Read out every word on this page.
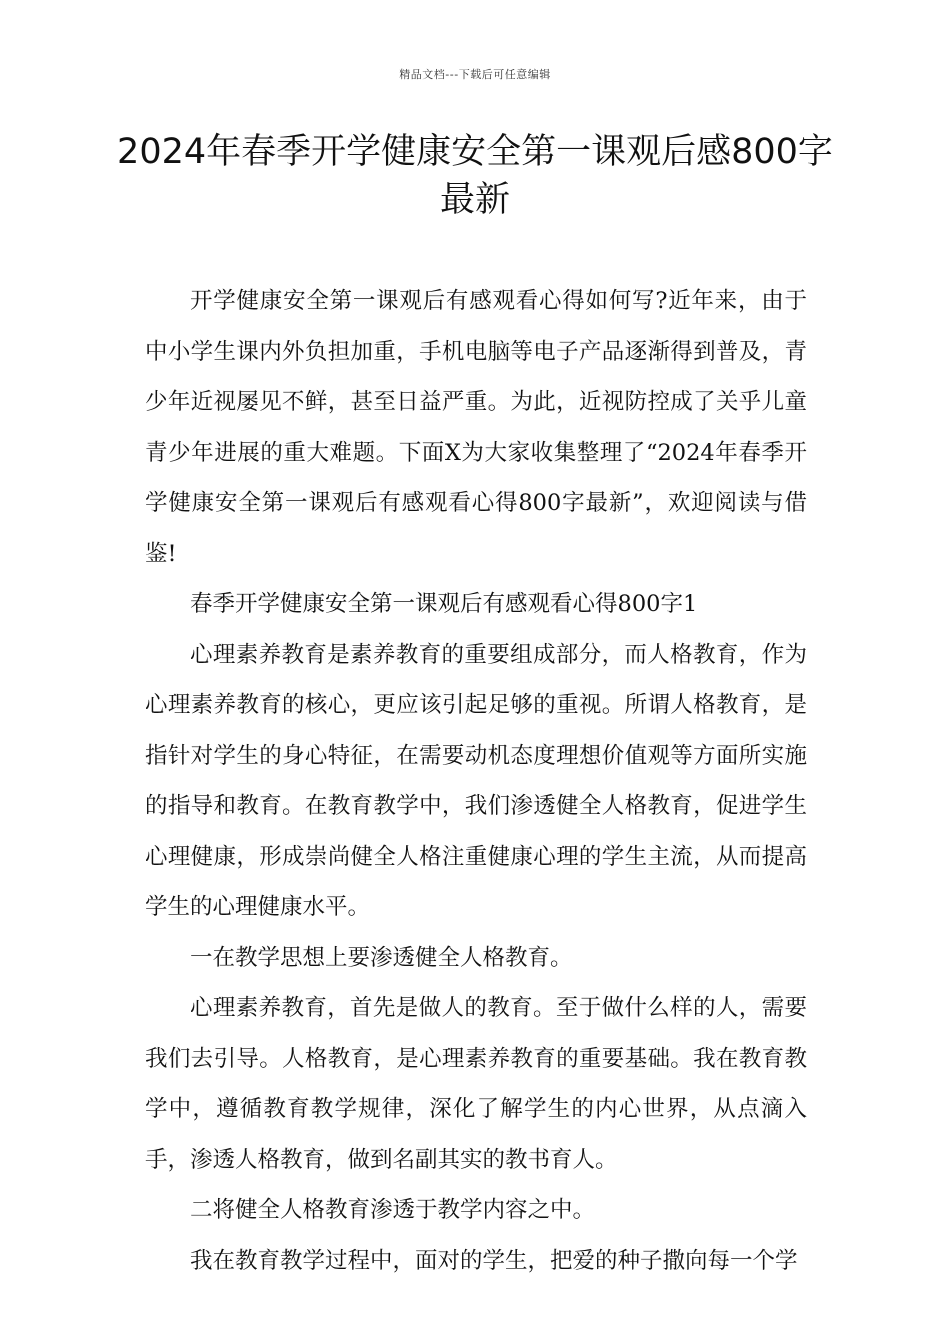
精品文档---下载后可任意编辑
2024年春季开学健康安全第一课观后感800字最新

开学健康安全第一课观后有感观看心得如何写?近年来，由于中小学生课内外负担加重，手机电脑等电子产品逐渐得到普及，青少年近视屡见不鲜，甚至日益严重。为此，近视防控成了关乎儿童青少年进展的重大难题。下面X为大家收集整理了“2024年春季开学健康安全第一课观后有感观看心得800字最新”，欢迎阅读与借鉴!

春季开学健康安全第一课观后有感观看心得800字1

心理素养教育是素养教育的重要组成部分，而人格教育，作为心理素养教育的核心，更应该引起足够的重视。所谓人格教育，是指针对学生的身心特征，在需要动机态度理想价值观等方面所实施的指导和教育。在教育教学中，我们渗透健全人格教育，促进学生心理健康，形成崇尚健全人格注重健康心理的学生主流，从而提高学生的心理健康水平。

一在教学思想上要渗透健全人格教育。

心理素养教育，首先是做人的教育。至于做什么样的人，需要我们去引导。人格教育，是心理素养教育的重要基础。我在教育教学中，遵循教育教学规律，深化了解学生的内心世界，从点滴入手，渗透人格教育，做到名副其实的教书育人。

二将健全人格教育渗透于教学内容之中。

我在教育教学过程中，面对的学生，把爱的种子撒向每一个学
